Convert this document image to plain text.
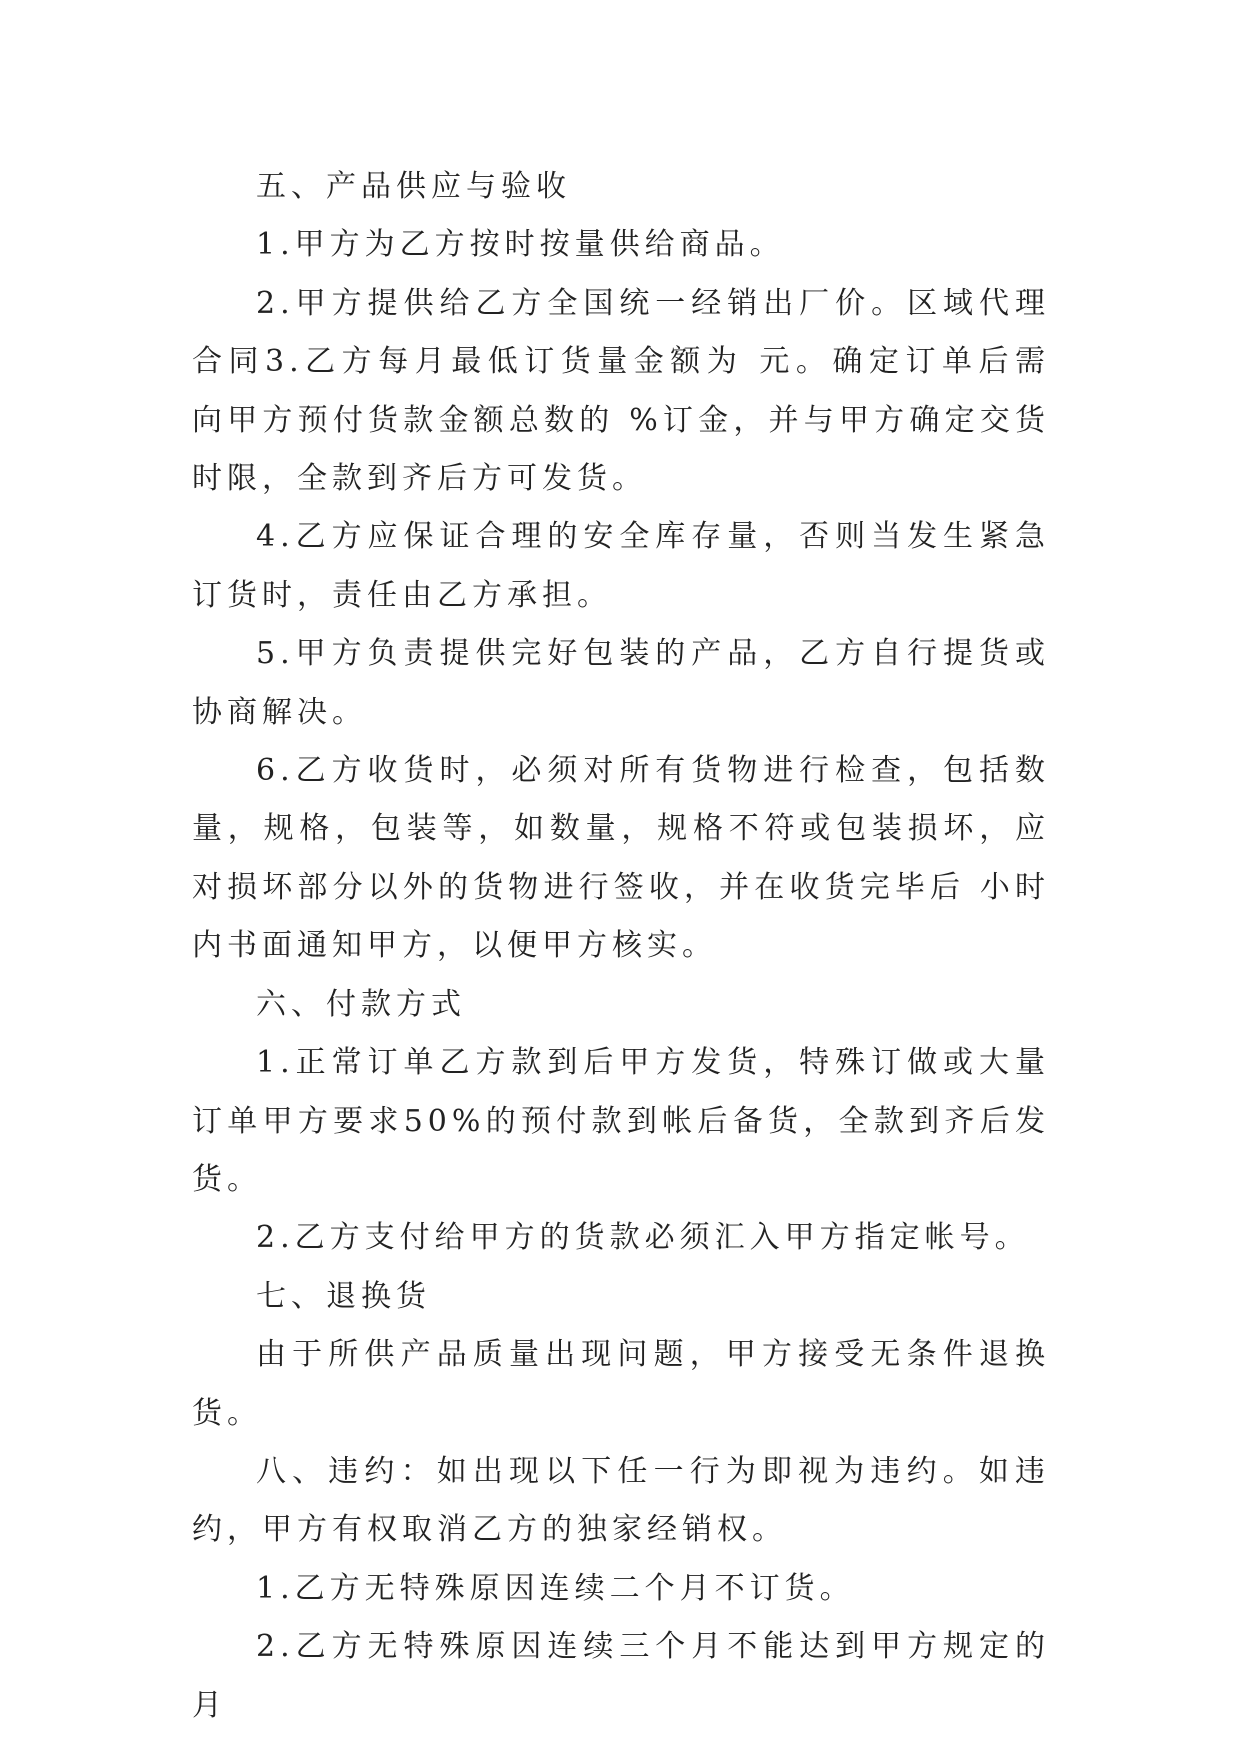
五、产品供应与验收

1.甲方为乙方按时按量供给商品。

2.甲方提供给乙方全国统一经销出厂价。区域代理合同3.乙方每月最低订货量金额为 元。确定订单后需向甲方预付货款金额总数的 %订金，并与甲方确定交货时限，全款到齐后方可发货。

4.乙方应保证合理的安全库存量，否则当发生紧急订货时，责任由乙方承担。

5.甲方负责提供完好包装的产品，乙方自行提货或协商解决。

6.乙方收货时，必须对所有货物进行检查，包括数量，规格，包装等，如数量，规格不符或包装损坏，应对损坏部分以外的货物进行签收，并在收货完毕后 小时内书面通知甲方，以便甲方核实。

六、付款方式

1.正常订单乙方款到后甲方发货，特殊订做或大量订单甲方要求50%的预付款到帐后备货，全款到齐后发货。

2.乙方支付给甲方的货款必须汇入甲方指定帐号。

七、退换货

由于所供产品质量出现问题，甲方接受无条件退换货。

八、违约：如出现以下任一行为即视为违约。如违约，甲方有权取消乙方的独家经销权。

1.乙方无特殊原因连续二个月不订货。

2.乙方无特殊原因连续三个月不能达到甲方规定的月
